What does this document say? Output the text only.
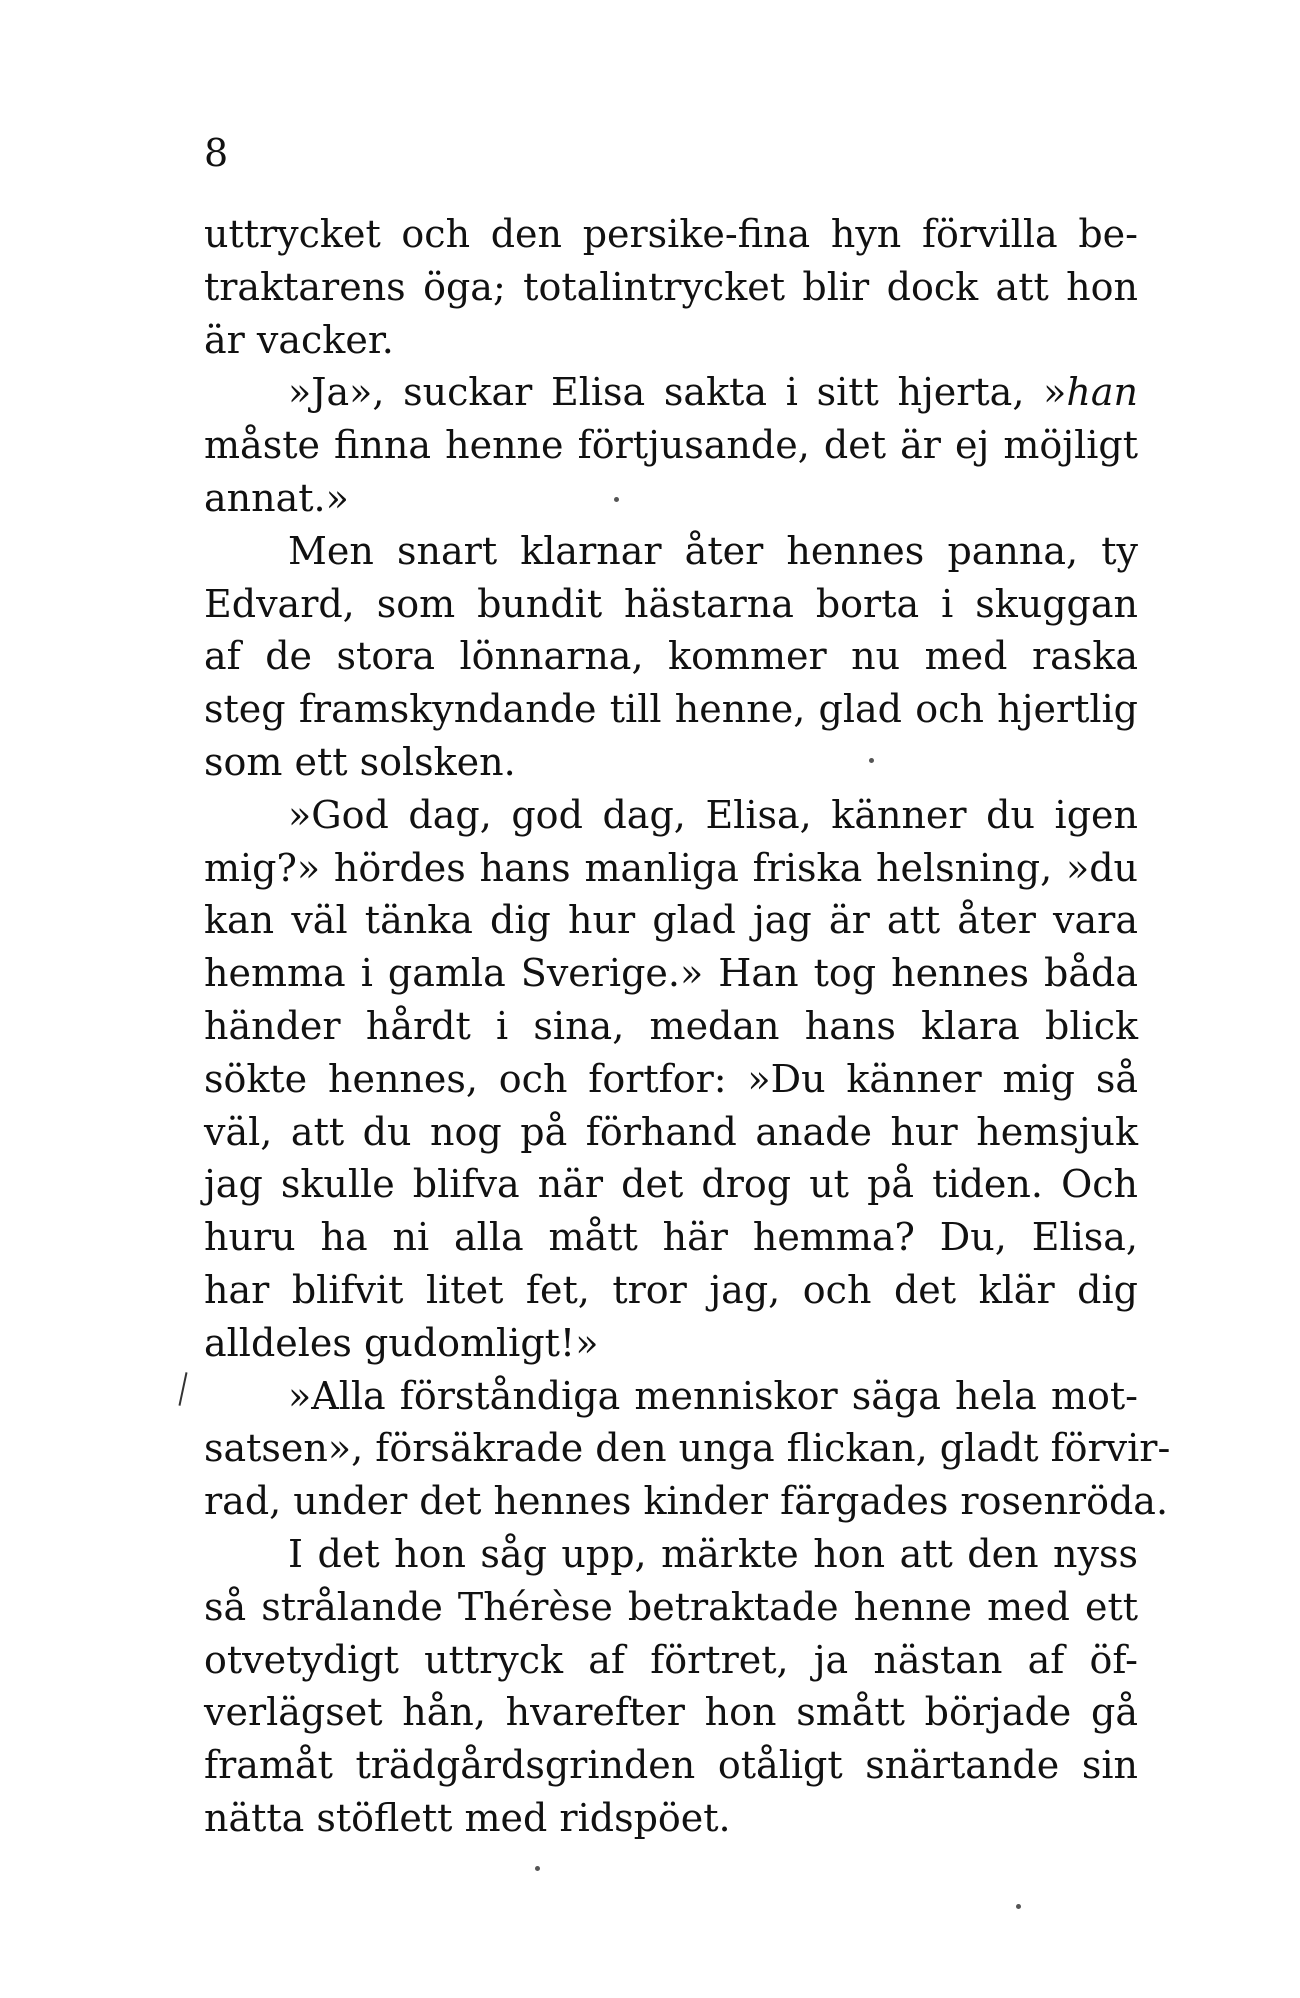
8
uttrycket och den persike-fina hyn förvilla be-
traktarens öga; totalintrycket blir dock att hon
är vacker.
»Ja», suckar Elisa sakta i sitt hjerta, »han
måste finna henne förtjusande, det är ej möjligt
annat.»
Men snart klarnar åter hennes panna, ty
Edvard, som bundit hästarna borta i skuggan
af de stora lönnarna, kommer nu med raska
steg framskyndande till henne, glad och hjertlig
som ett solsken.
»God dag, god dag, Elisa, känner du igen
mig?» hördes hans manliga friska helsning, »du
kan väl tänka dig hur glad jag är att åter vara
hemma i gamla Sverige.» Han tog hennes båda
händer hårdt i sina, medan hans klara blick
sökte hennes, och fortfor: »Du känner mig så
väl, att du nog på förhand anade hur hemsjuk
jag skulle blifva när det drog ut på tiden. Och
huru ha ni alla mått här hemma? Du, Elisa,
har blifvit litet fet, tror jag, och det klär dig
alldeles gudomligt!»
»Alla förståndiga menniskor säga hela mot-
satsen», försäkrade den unga flickan, gladt förvir-
rad, under det hennes kinder färgades rosenröda.
I det hon såg upp, märkte hon att den nyss
så strålande Thérèse betraktade henne med ett
otvetydigt uttryck af förtret, ja nästan af öf-
verlägset hån, hvarefter hon smått började gå
framåt trädgårdsgrinden otåligt snärtande sin
nätta stöflett med ridspöet.
